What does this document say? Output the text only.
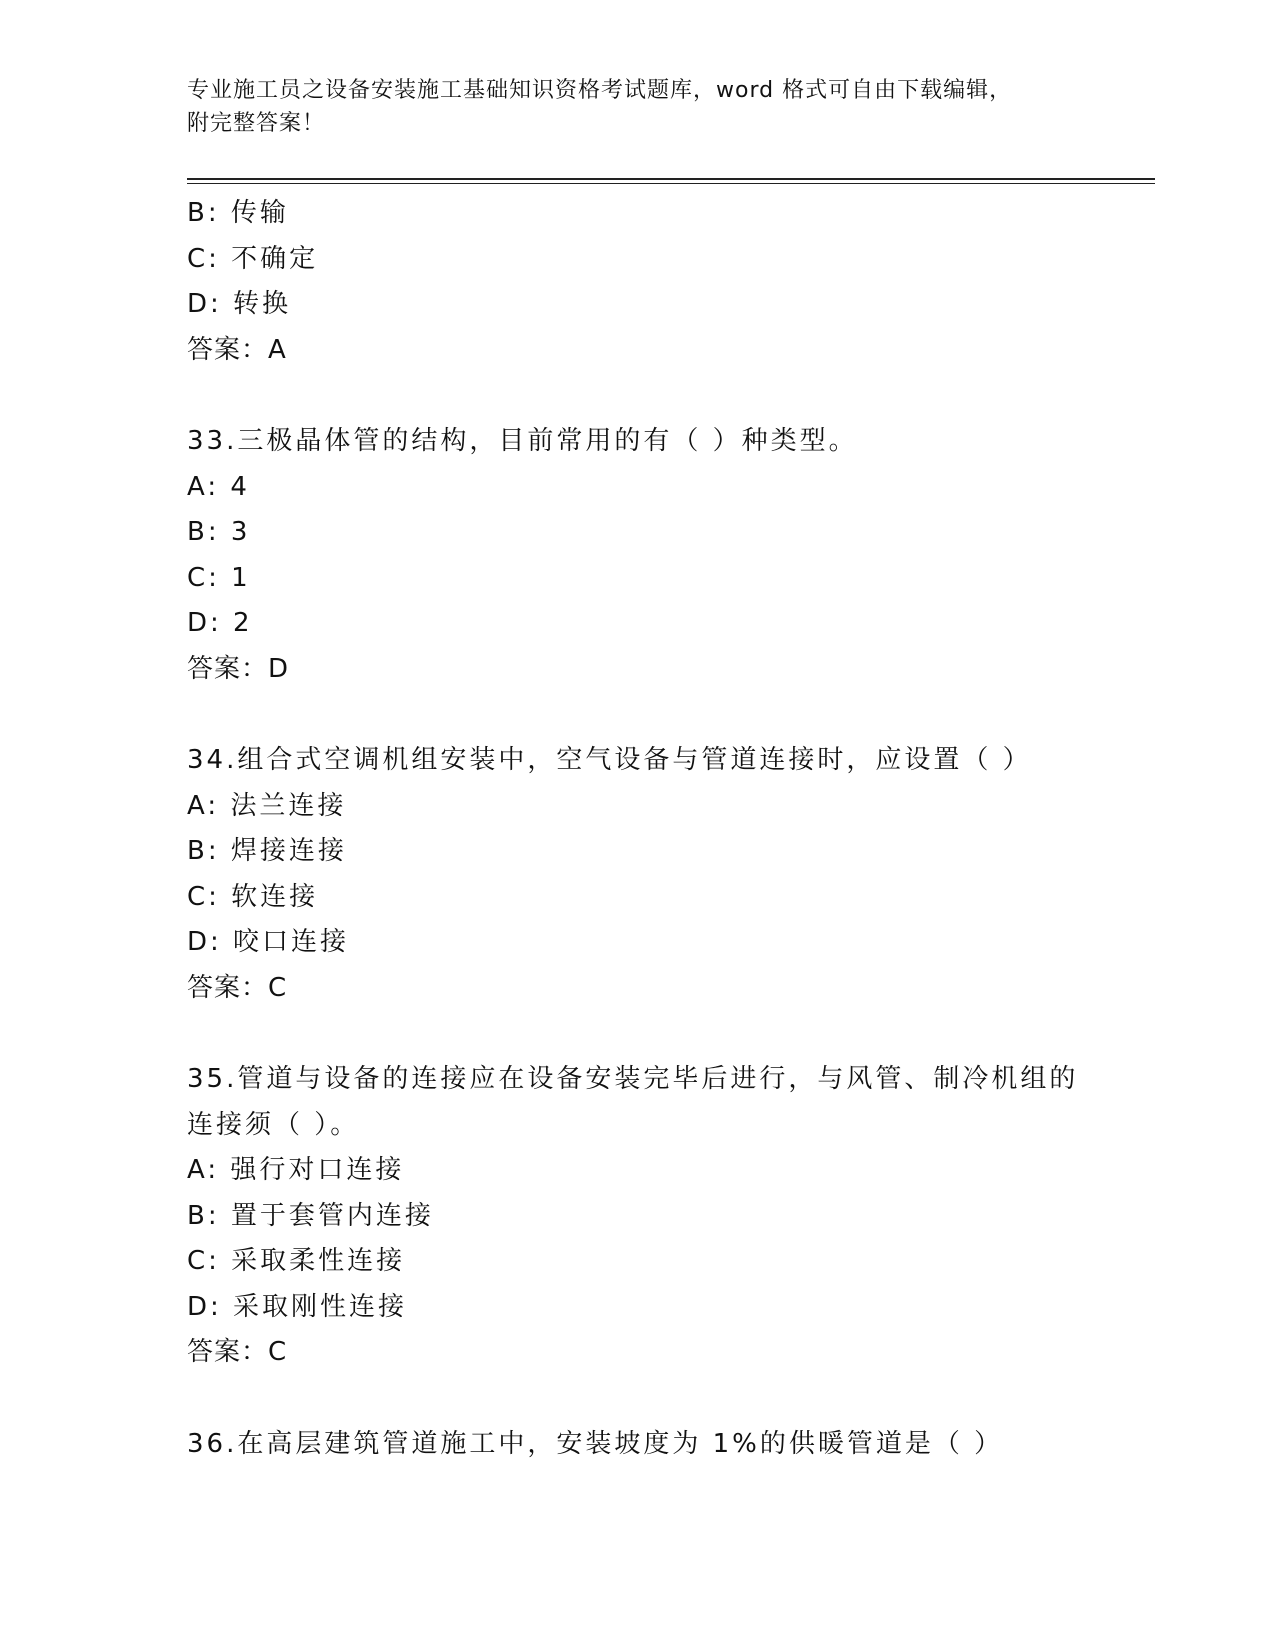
专业施工员之设备安装施工基础知识资格考试题库，word 格式可自由下载编辑，
附完整答案！
B: 传输
C: 不确定
D: 转换
答案：A
33.三极晶体管的结构，目前常用的有（ ）种类型。
A: 4
B: 3
C: 1
D: 2
答案：D
34.组合式空调机组安装中，空气设备与管道连接时，应设置（ ）
A: 法兰连接
B: 焊接连接
C: 软连接
D: 咬口连接
答案：C
35.管道与设备的连接应在设备安装完毕后进行，与风管、制冷机组的
连接须（ ）。
A: 强行对口连接
B: 置于套管内连接
C: 采取柔性连接
D: 采取刚性连接
答案：C
36.在高层建筑管道施工中，安装坡度为 1%的供暖管道是（ ）
